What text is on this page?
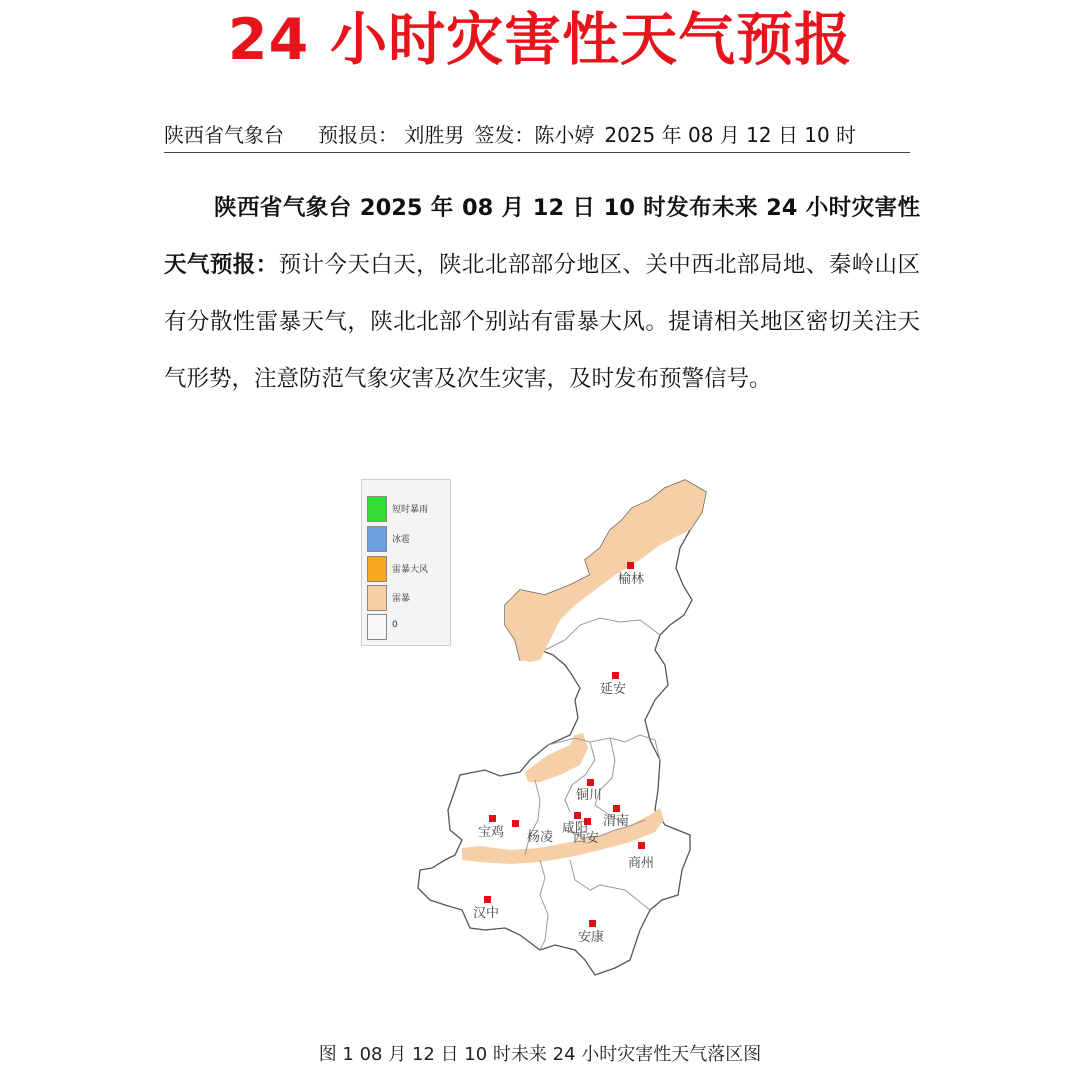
24 小时灾害性天气预报
陕西省气象台 预报员： 刘胜男 签发：陈小婷 2025 年 08 月 12 日 10 时
陕西省气象台 2025 年 08 月 12 日 10 时发布未来 24 小时灾害性天气预报：预计今天白天，陕北北部部分地区、关中西北部局地、秦岭山区有分散性雷暴天气，陕北北部个别站有雷暴大风。提请相关地区密切关注天气形势，注意防范气象灾害及次生灾害，及时发布预警信号。
榆林
延安
铜川
宝鸡 杨凌
咸阳
西安
渭南
商州
汉中
安康
短时暴雨
冰雹
雷暴大风
雷暴
0
图 1 08 月 12 日 10 时未来 24 小时灾害性天气落区图
